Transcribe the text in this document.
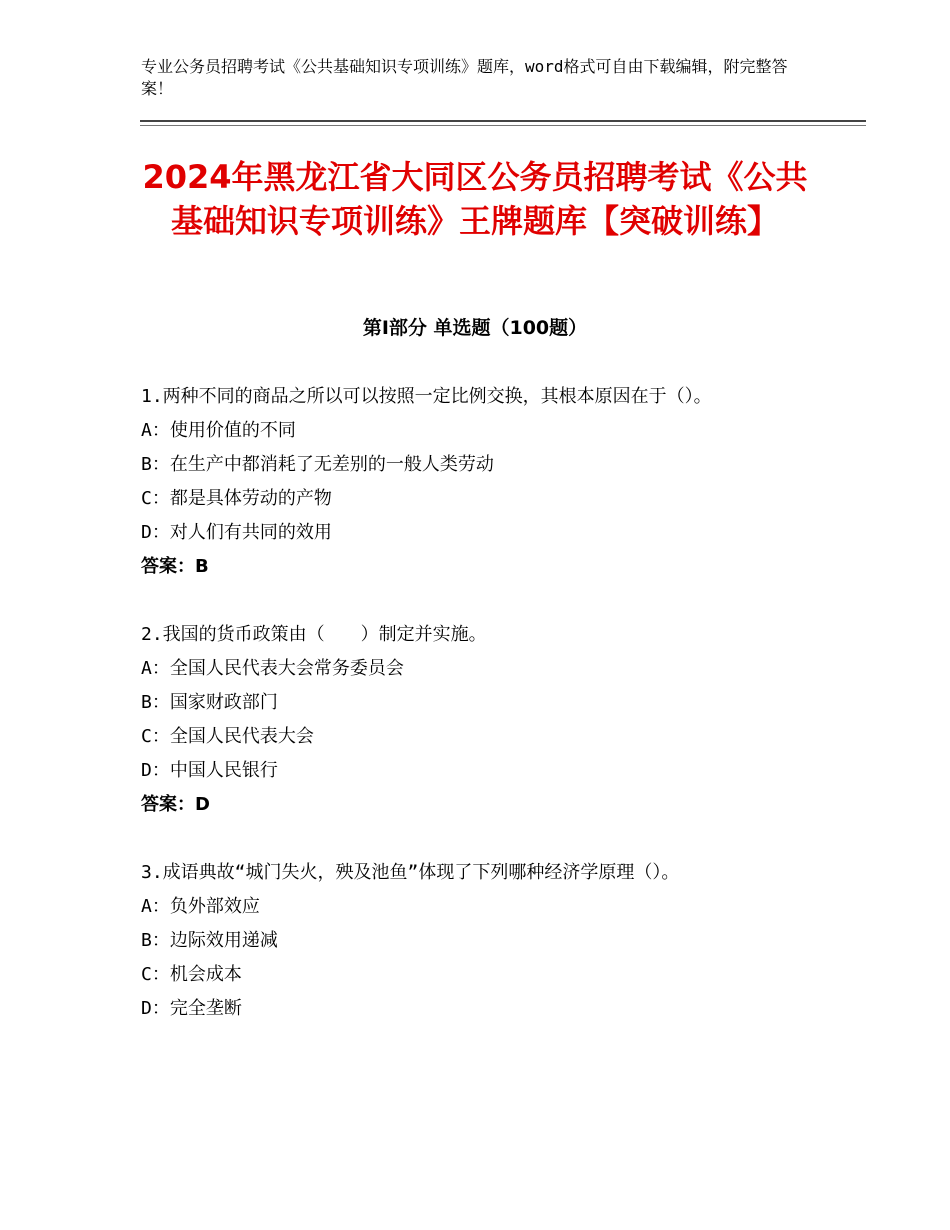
专业公务员招聘考试《公共基础知识专项训练》题库，word格式可自由下载编辑，附完整答案！
2024年黑龙江省大同区公务员招聘考试《公共基础知识专项训练》王牌题库【突破训练】
第Ⅰ部分 单选题（100题）

1.两种不同的商品之所以可以按照一定比例交换，其根本原因在于（）。

A：使用价值的不同

B：在生产中都消耗了无差别的一般人类劳动

C：都是具体劳动的产物

D：对人们有共同的效用

答案：B

2.我国的货币政策由（　　）制定并实施。

A：全国人民代表大会常务委员会

B：国家财政部门

C：全国人民代表大会

D：中国人民银行

答案：D

3.成语典故“城门失火，殃及池鱼”体现了下列哪种经济学原理（）。

A：负外部效应

B：边际效用递减

C：机会成本

D：完全垄断
